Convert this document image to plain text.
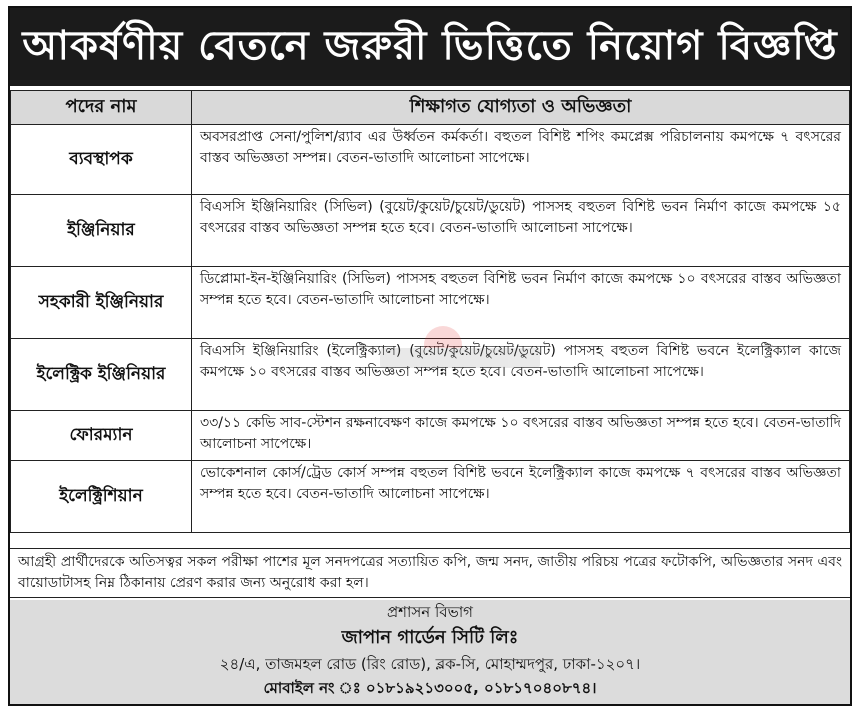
আকর্ষণীয় বেতনে জরুরী ভিত্তিতে নিয়োগ বিজ্ঞপ্তি
পদের নাম	শিক্ষাগত যোগ্যতা ও অভিজ্ঞতা
ব্যবস্থাপক	অবসরপ্রাপ্ত সেনা/পুলিশ/র‍্যাব এর উর্ধ্বতন কর্মকর্তা। বহুতল বিশিষ্ট শপিং কমপ্লেক্স পরিচালনায় কমপক্ষে ৭ বৎসরের বাস্তব অভিজ্ঞতা সম্পন্ন। বেতন-ভাতাদি আলোচনা সাপেক্ষে।
ইঞ্জিনিয়ার	বিএসসি ইঞ্জিনিয়ারিং (সিভিল) (বুয়েট/কুয়েট/চুয়েট/ডুয়েট) পাসসহ বহুতল বিশিষ্ট ভবন নির্মাণ কাজে কমপক্ষে ১৫ বৎসরের বাস্তব অভিজ্ঞতা সম্পন্ন হতে হবে। বেতন-ভাতাদি আলোচনা সাপেক্ষে।
সহকারী ইঞ্জিনিয়ার	ডিপ্লোমা-ইন-ইঞ্জিনিয়ারিং (সিভিল) পাসসহ বহুতল বিশিষ্ট ভবন নির্মাণ কাজে কমপক্ষে ১০ বৎসরের বাস্তব অভিজ্ঞতা সম্পন্ন হতে হবে। বেতন-ভাতাদি আলোচনা সাপেক্ষে।
ইলেক্ট্রিক ইঞ্জিনিয়ার	বিএসসি ইঞ্জিনিয়ারিং (ইলেক্ট্রিক্যাল) (বুয়েট/কুয়েট/চুয়েট/ডুয়েট) পাসসহ বহুতল বিশিষ্ট ভবনে ইলেক্ট্রিক্যাল কাজে কমপক্ষে ১০ বৎসরের বাস্তব অভিজ্ঞতা সম্পন্ন হতে হবে। বেতন-ভাতাদি আলোচনা সাপেক্ষে।
ফোরম্যান	৩৩/১১ কেভি সাব-স্টেশন রক্ষনাবেক্ষণ কাজে কমপক্ষে ১০ বৎসরের বাস্তব অভিজ্ঞতা সম্পন্ন হতে হবে। বেতন-ভাতাদি আলোচনা সাপেক্ষে।
ইলেক্ট্রিশিয়ান	ভোকেশনাল কোর্স/ট্রেড কোর্স সম্পন্ন বহুতল বিশিষ্ট ভবনে ইলেক্ট্রিক্যাল কাজে কমপক্ষে ৭ বৎসরের বাস্তব অভিজ্ঞতা সম্পন্ন হতে হবে। বেতন-ভাতাদি আলোচনা সাপেক্ষে।
আগ্রহী প্রার্থীদেরকে অতিসত্বর সকল পরীক্ষা পাশের মূল সনদপত্রের সত্যায়িত কপি, জন্ম সনদ, জাতীয় পরিচয় পত্রের ফটোকপি, অভিজ্ঞতার সনদ এবং বায়োডাটাসহ নিম্ন ঠিকানায় প্রেরণ করার জন্য অনুরোধ করা হল।
প্রশাসন বিভাগ
জাপান গার্ডেন সিটি লিঃ
২৪/এ, তাজমহল রোড (রিং রোড), ব্লক-সি, মোহাম্মদপুর, ঢাকা-১২০৭।
মোবাইল নং ঃ ০১৮১৯২১৩০০৫, ০১৮১৭০৪০৮৭৪।
